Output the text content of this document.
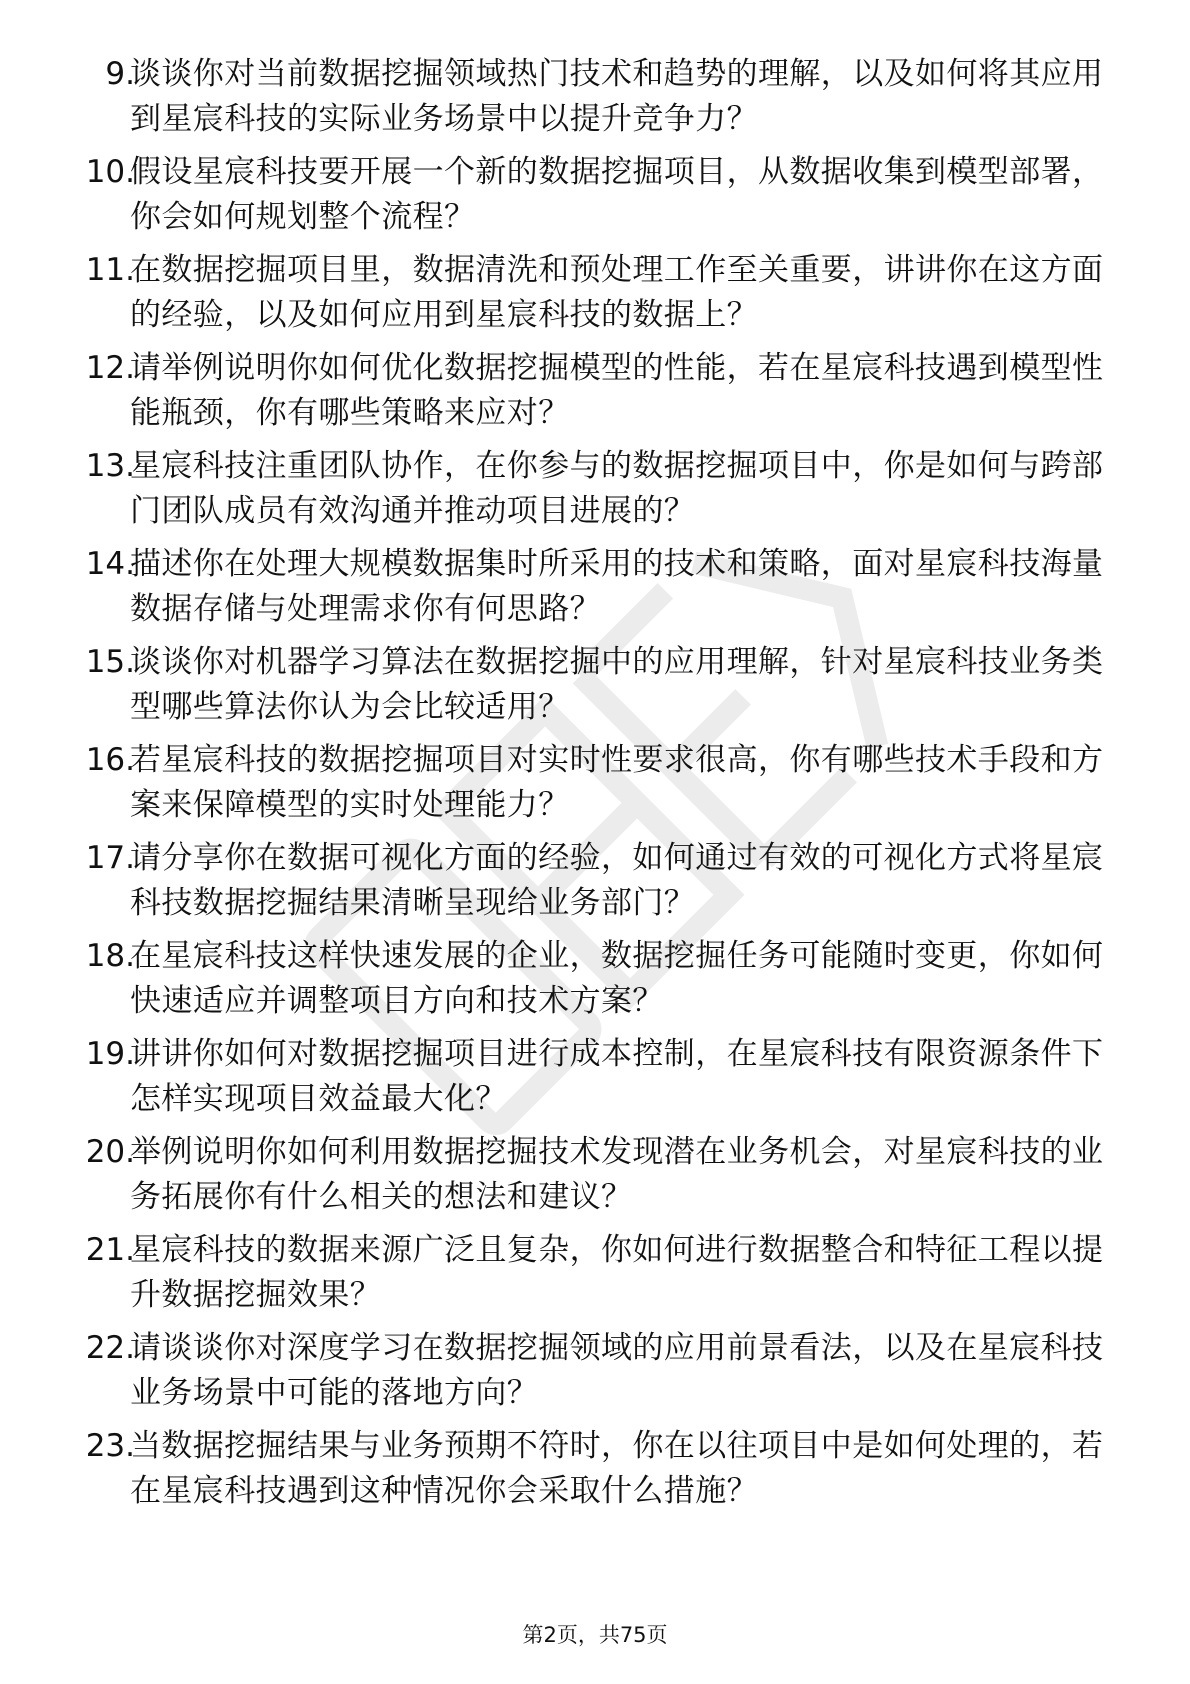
9.
谈谈你对当前数据挖掘领域热门技术和趋势的理解，以及如何将其应用到星宸科技的实际业务场景中以提升竞争力？
10.
假设星宸科技要开展一个新的数据挖掘项目，从数据收集到模型部署，你会如何规划整个流程？
11.
在数据挖掘项目里，数据清洗和预处理工作至关重要，讲讲你在这方面的经验，以及如何应用到星宸科技的数据上？
12.
请举例说明你如何优化数据挖掘模型的性能，若在星宸科技遇到模型性能瓶颈，你有哪些策略来应对？
13.
星宸科技注重团队协作，在你参与的数据挖掘项目中，你是如何与跨部门团队成员有效沟通并推动项目进展的？
14.
描述你在处理大规模数据集时所采用的技术和策略，面对星宸科技海量数据存储与处理需求你有何思路？
15.
谈谈你对机器学习算法在数据挖掘中的应用理解，针对星宸科技业务类型哪些算法你认为会比较适用？
16.
若星宸科技的数据挖掘项目对实时性要求很高，你有哪些技术手段和方案来保障模型的实时处理能力？
17.
请分享你在数据可视化方面的经验，如何通过有效的可视化方式将星宸科技数据挖掘结果清晰呈现给业务部门？
18.
在星宸科技这样快速发展的企业，数据挖掘任务可能随时变更，你如何快速适应并调整项目方向和技术方案？
19.
讲讲你如何对数据挖掘项目进行成本控制，在星宸科技有限资源条件下怎样实现项目效益最大化？
20.
举例说明你如何利用数据挖掘技术发现潜在业务机会，对星宸科技的业务拓展你有什么相关的想法和建议？
21.
星宸科技的数据来源广泛且复杂，你如何进行数据整合和特征工程以提升数据挖掘效果？
22.
请谈谈你对深度学习在数据挖掘领域的应用前景看法，以及在星宸科技业务场景中可能的落地方向？
23.
当数据挖掘结果与业务预期不符时，你在以往项目中是如何处理的，若在星宸科技遇到这种情况你会采取什么措施？
第2页，共75页
